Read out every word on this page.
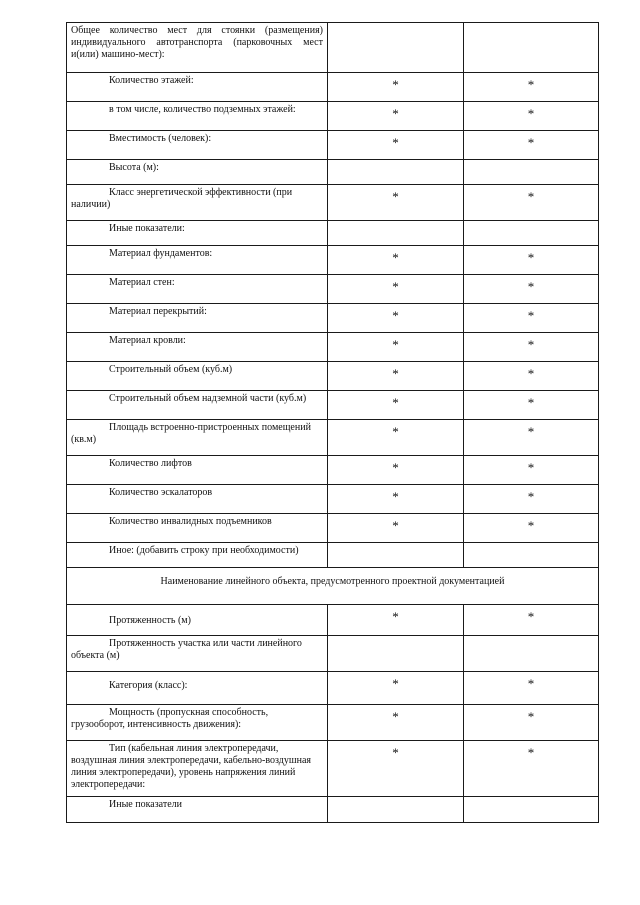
Общее количество мест для стоянки (размещения) индивидуального автотранспорта (парковочных мест и(или) машино-мест):		

Количество этажей:	*	*

в том числе, количество подземных этажей:	*	*

Вместимость (человек):	*	*

Высота (м):		

Класс энергетической эффективности (при наличии)	*	*

Иные показатели:		

Материал фундаментов:	*	*

Материал стен:	*	*

Материал перекрытий:	*	*

Материал кровли:	*	*

Строительный объем (куб.м)	*	*

Строительный объем надземной части (куб.м)	*	*

Площадь встроенно-пристроенных помещений (кв.м)	*	*

Количество лифтов	*	*

Количество эскалаторов	*	*

Количество инвалидных подъемников	*	*

Иное: (добавить строку при необходимости)		

Наименование линейного объекта, предусмотренного проектной документацией		

Протяженность (м)	*	*

Протяженность участка или части линейного объекта (м)		

Категория (класс):	*	*

Мощность (пропускная способность, грузооборот, интенсивность движения):	*	*

Тип (кабельная линия электропередачи, воздушная линия электропередачи, кабельно-воздушная линия электропередачи), уровень напряжения линий электропередачи:	*	*

Иные показатели		
